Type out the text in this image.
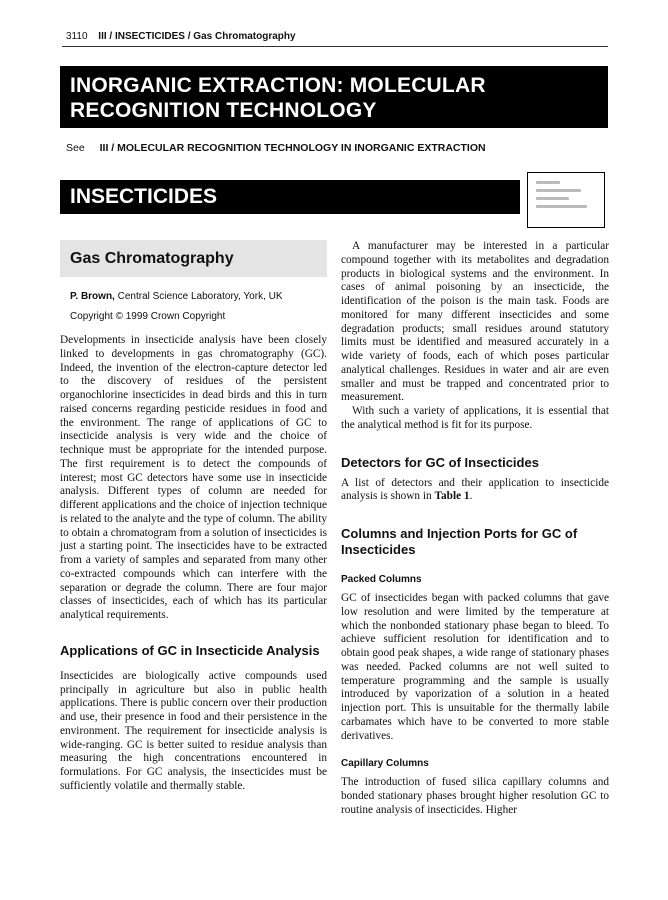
3110 III / INSECTICIDES / Gas Chromatography
INORGANIC EXTRACTION: MOLECULAR
RECOGNITION TECHNOLOGY
See III / MOLECULAR RECOGNITION TECHNOLOGY IN INORGANIC EXTRACTION
INSECTICIDES
Gas Chromatography
P. Brown, Central Science Laboratory, York, UK
Copyright © 1999 Crown Copyright

Developments in insecticide analysis have been closely linked to developments in gas chromatography (GC). Indeed, the invention of the electron-capture detector led to the discovery of residues of the persistent organochlorine insecticides in dead birds and this in turn raised concerns regarding pesticide residues in food and the environment. The range of applications of GC to insecticide analysis is very wide and the choice of technique must be appropriate for the intended purpose. The first requirement is to detect the compounds of interest; most GC detectors have some use in insecticide analysis. Different types of column are needed for different applications and the choice of injection technique is related to the analyte and the type of column. The ability to obtain a chromatogram from a solution of insecticides is just a starting point. The insecticides have to be extracted from a variety of samples and separated from many other co-extracted compounds which can interfere with the separation or degrade the column. There are four major classes of insecticides, each of which has its particular analytical requirements.

Applications of GC in Insecticide Analysis

Insecticides are biologically active compounds used principally in agriculture but also in public health applications. There is public concern over their production and use, their presence in food and their persistence in the environment. The requirement for insecticide analysis is wide-ranging. GC is better suited to residue analysis than measuring the high concentrations encountered in formulations. For GC analysis, the insecticides must be sufficiently volatile and thermally stable.

A manufacturer may be interested in a particular compound together with its metabolites and degradation products in biological systems and the environment. In cases of animal poisoning by an insecticide, the identification of the poison is the main task. Foods are monitored for many different insecticides and some degradation products; small residues around statutory limits must be identified and measured accurately in a wide variety of foods, each of which poses particular analytical challenges. Residues in water and air are even smaller and must be trapped and concentrated prior to measurement.

With such a variety of applications, it is essential that the analytical method is fit for its purpose.

Detectors for GC of Insecticides

A list of detectors and their application to insecticide analysis is shown in Table 1.

Columns and Injection Ports for GC of Insecticides
Packed Columns

GC of insecticides began with packed columns that gave low resolution and were limited by the temperature at which the nonbonded stationary phase began to bleed. To achieve sufficient resolution for identification and to obtain good peak shapes, a wide range of stationary phases was needed. Packed columns are not well suited to temperature programming and the sample is usually introduced by vaporization of a solution in a heated injection port. This is unsuitable for the thermally labile carbamates which have to be converted to more stable derivatives.

Capillary Columns

The introduction of fused silica capillary columns and bonded stationary phases brought higher resolution GC to routine analysis of insecticides. Higher
